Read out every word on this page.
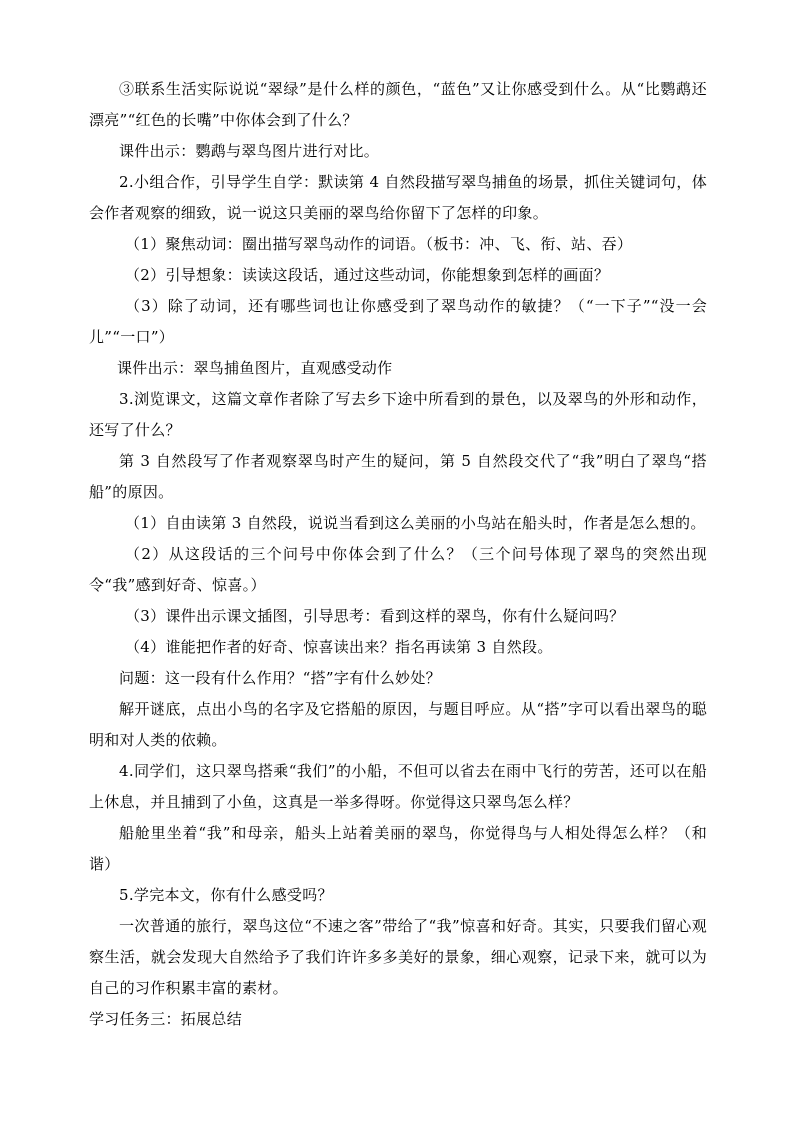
③联系生活实际说说“翠绿”是什么样的颜色，“蓝色”又让你感受到什么。从“比鹦鹉还漂亮”“红色的长嘴”中你体会到了什么？

课件出示：鹦鹉与翠鸟图片进行对比。

2.小组合作，引导学生自学：默读第 4 自然段描写翠鸟捕鱼的场景，抓住关键词句，体会作者观察的细致，说一说这只美丽的翠鸟给你留下了怎样的印象。

（1）聚焦动词：圈出描写翠鸟动作的词语。（板书：冲、飞、衔、站、吞）

（2）引导想象：读读这段话，通过这些动词，你能想象到怎样的画面？

（3）除了动词，还有哪些词也让你感受到了翠鸟动作的敏捷？（“一下子”“没一会儿”“一口”）

课件出示：翠鸟捕鱼图片，直观感受动作

3.浏览课文，这篇文章作者除了写去乡下途中所看到的景色，以及翠鸟的外形和动作，还写了什么？

第 3 自然段写了作者观察翠鸟时产生的疑问，第 5 自然段交代了“我”明白了翠鸟“搭船”的原因。

（1）自由读第 3 自然段，说说当看到这么美丽的小鸟站在船头时，作者是怎么想的。

（2）从这段话的三个问号中你体会到了什么？（三个问号体现了翠鸟的突然出现令“我”感到好奇、惊喜。）

（3）课件出示课文插图，引导思考：看到这样的翠鸟，你有什么疑问吗？

（4）谁能把作者的好奇、惊喜读出来？指名再读第 3 自然段。

问题：这一段有什么作用？“搭”字有什么妙处？

解开谜底，点出小鸟的名字及它搭船的原因，与题目呼应。从“搭”字可以看出翠鸟的聪明和对人类的依赖。

4.同学们，这只翠鸟搭乘“我们”的小船，不但可以省去在雨中飞行的劳苦，还可以在船上休息，并且捕到了小鱼，这真是一举多得呀。你觉得这只翠鸟怎么样？

船舱里坐着“我”和母亲，船头上站着美丽的翠鸟，你觉得鸟与人相处得怎么样？（和谐）

5.学完本文，你有什么感受吗？

一次普通的旅行，翠鸟这位“不速之客”带给了“我”惊喜和好奇。其实，只要我们留心观察生活，就会发现大自然给予了我们许许多多美好的景象，细心观察，记录下来，就可以为自己的习作积累丰富的素材。

学习任务三：拓展总结
